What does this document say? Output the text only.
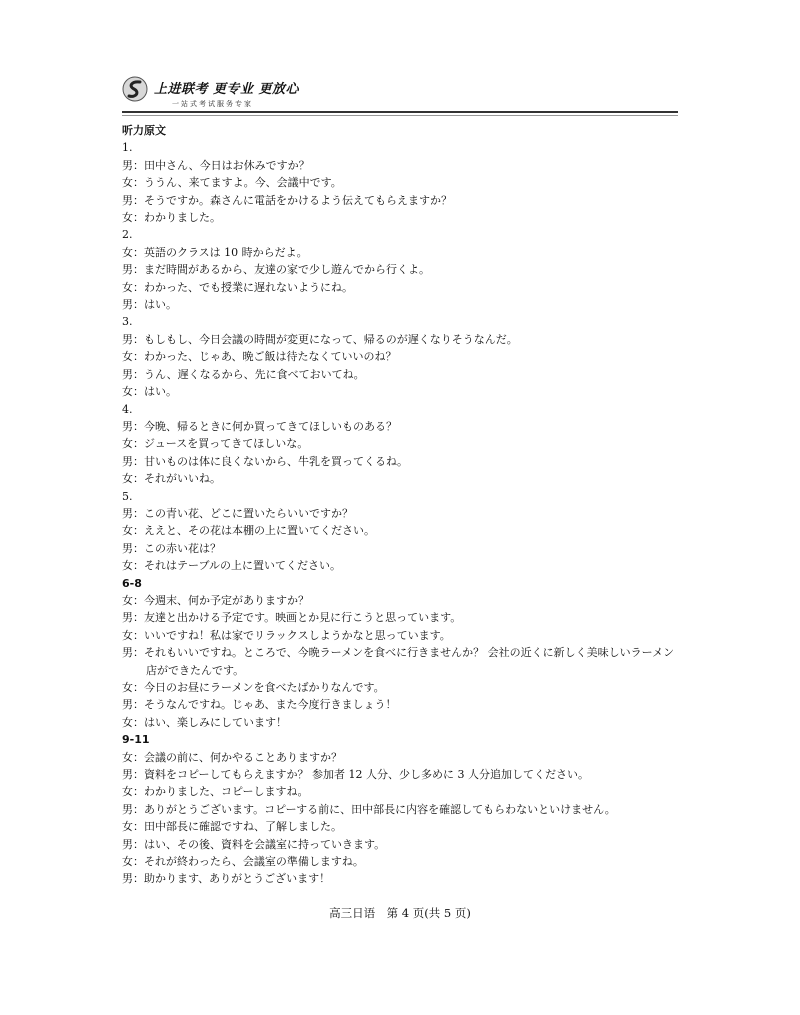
上进联考 更专业 更放心
一站式考试服务专家
听力原文
1.
男：田中さん、今日はお休みですか？
女：ううん、来てますよ。今、会議中です。
男：そうですか。森さんに電話をかけるよう伝えてもらえますか？
女：わかりました。
2.
女：英語のクラスは 10 時からだよ。
男：まだ時間があるから、友達の家で少し遊んでから行くよ。
女：わかった、でも授業に遅れないようにね。
男：はい。
3.
男：もしもし、今日会議の時間が変更になって、帰るのが遅くなりそうなんだ。
女：わかった、じゃあ、晩ご飯は待たなくていいのね？
男：うん、遅くなるから、先に食べておいてね。
女：はい。
4.
男：今晩、帰るときに何か買ってきてほしいものある？
女：ジュースを買ってきてほしいな。
男：甘いものは体に良くないから、牛乳を買ってくるね。
女：それがいいね。
5.
男：この青い花、どこに置いたらいいですか？
女：ええと、その花は本棚の上に置いてください。
男：この赤い花は？
女：それはテーブルの上に置いてください。
6-8
女：今週末、何か予定がありますか？
男：友達と出かける予定です。映画とか見に行こうと思っています。
女：いいですね！私は家でリラックスしようかなと思っています。
男：それもいいですね。ところで、今晩ラーメンを食べに行きませんか？ 会社の近くに新しく美味しいラーメン店ができたんです。
女：今日のお昼にラーメンを食べたばかりなんです。
男：そうなんですね。じゃあ、また今度行きましょう！
女：はい、楽しみにしています！
9-11
女：会議の前に、何かやることありますか？
男：資料をコピーしてもらえますか？ 参加者 12 人分、少し多めに 3 人分追加してください。
女：わかりました、コピーしますね。
男：ありがとうございます。コピーする前に、田中部長に内容を確認してもらわないといけません。
女：田中部長に確認ですね、了解しました。
男：はい、その後、資料を会議室に持っていきます。
女：それが終わったら、会議室の準備しますね。
男：助かります、ありがとうございます！
高三日语　第 4 页(共 5 页)
